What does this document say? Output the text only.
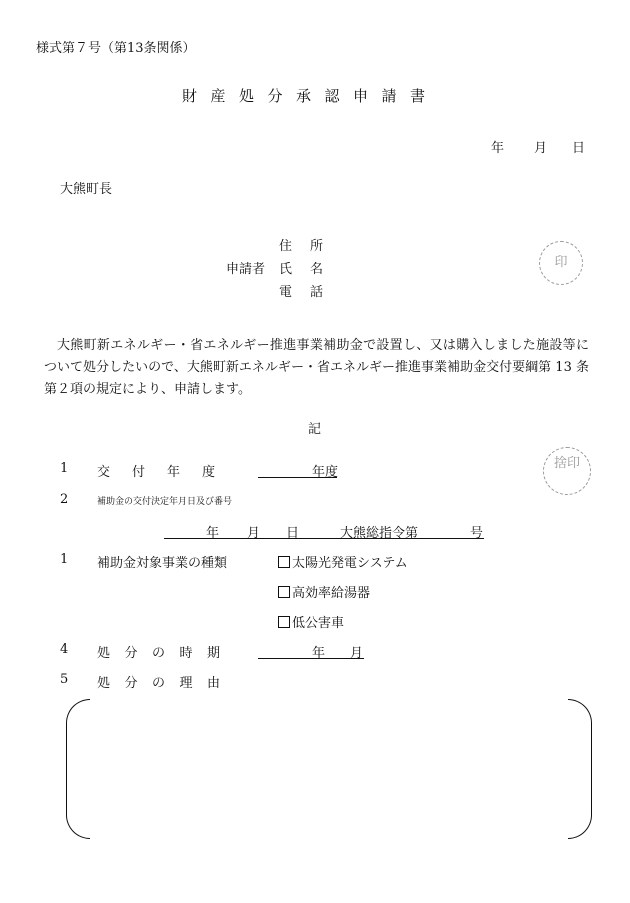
様式第７号（第13条関係）
財産処分承認申請書
年 月 日
大熊町長
住所
申請者 氏名
電話
印

大熊町新エネルギー・省エネルギー推進事業補助金で設置し、又は購入しました施設等について処分したいので、大熊町新エネルギー・省エネルギー推進事業補助金交付要綱第 13 条第２項の規定により、申請します。

記
捨印
1 交付年度	年度
2	補助金の交付決定年月日及び番号
年 月 日	大熊総指令第	号
1 補助金対象事業の種類	太陽光発電システム
高効率給湯器
低公害車
4 処分の時期	年 月
5 処分の理由
